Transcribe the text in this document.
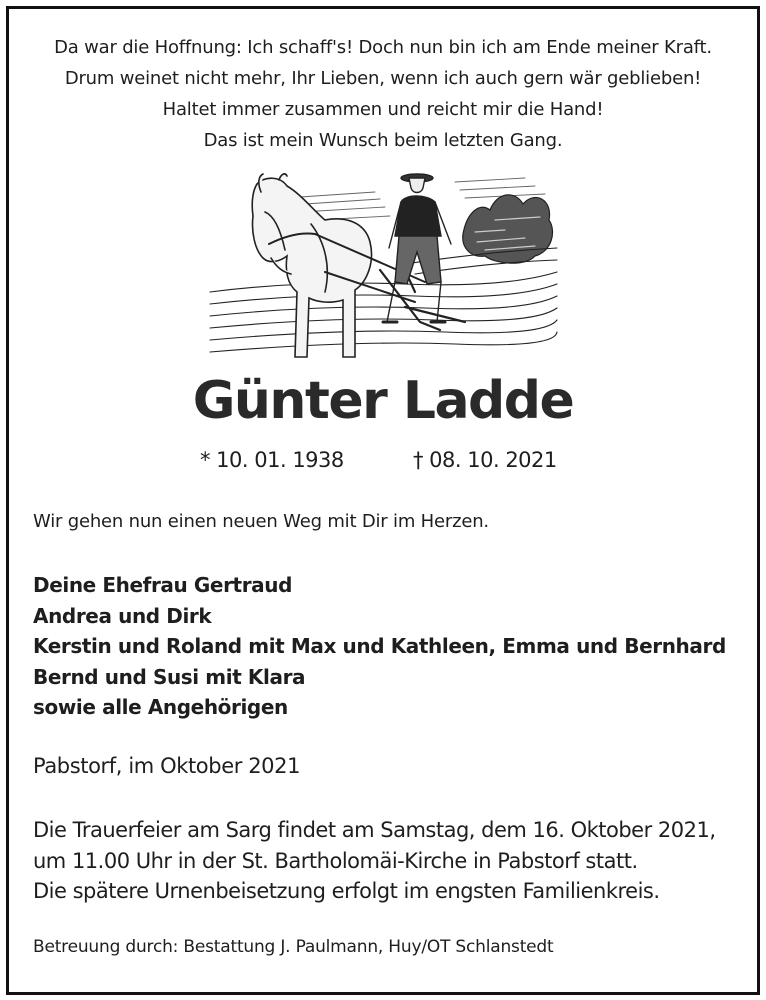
Da war die Hoffnung: Ich schaff's! Doch nun bin ich am Ende meiner Kraft.
Drum weinet nicht mehr, Ihr Lieben, wenn ich auch gern wär geblieben!
Haltet immer zusammen und reicht mir die Hand!
Das ist mein Wunsch beim letzten Gang.
Günter Ladde
* 10. 01. 1938	† 08. 10. 2021
Wir gehen nun einen neuen Weg mit Dir im Herzen.
Deine Ehefrau Gertraud
Andrea und Dirk
Kerstin und Roland mit Max und Kathleen, Emma und Bernhard
Bernd und Susi mit Klara
sowie alle Angehörigen
Pabstorf, im Oktober 2021
Die Trauerfeier am Sarg findet am Samstag, dem 16. Oktober 2021,
um 11.00 Uhr in der St. Bartholomäi-Kirche in Pabstorf statt.
Die spätere Urnenbeisetzung erfolgt im engsten Familienkreis.
Betreuung durch: Bestattung J. Paulmann, Huy/OT Schlanstedt
